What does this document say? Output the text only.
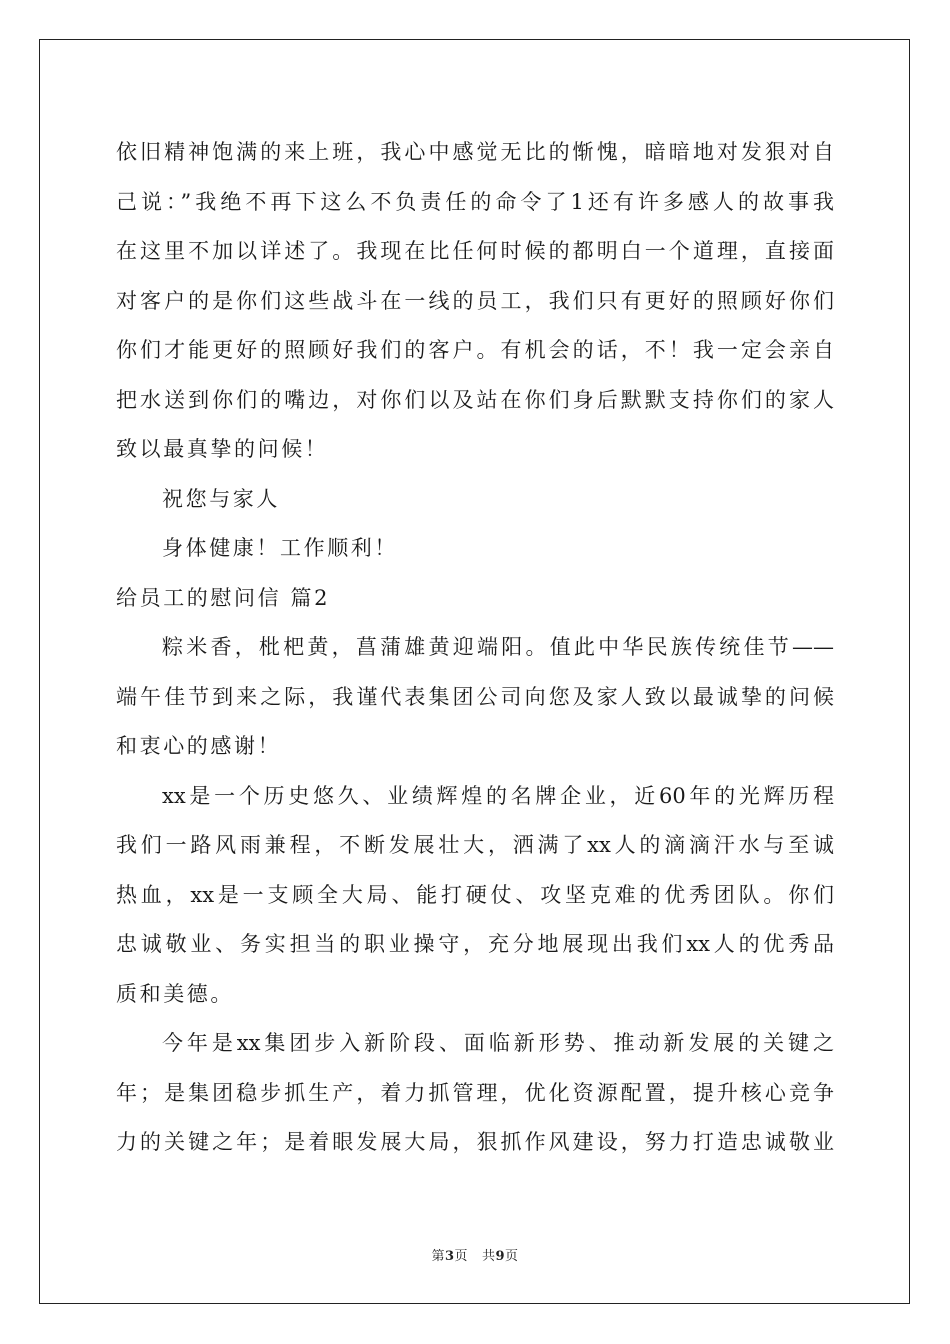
依旧精神饱满的来上班，我心中感觉无比的惭愧，暗暗地对发狠对自
己说：”我绝不再下这么不负责任的命令了1还有许多感人的故事我
在这里不加以详述了。我现在比任何时候的都明白一个道理，直接面
对客户的是你们这些战斗在一线的员工，我们只有更好的照顾好你们
你们才能更好的照顾好我们的客户。有机会的话，不！我一定会亲自
把水送到你们的嘴边，对你们以及站在你们身后默默支持你们的家人
致以最真挚的问候！
祝您与家人
身体健康！工作顺利！
给员工的慰问信 篇2
粽米香，枇杷黄，菖蒲雄黄迎端阳。值此中华民族传统佳节——
端午佳节到来之际，我谨代表集团公司向您及家人致以最诚挚的问候
和衷心的感谢！
xx是一个历史悠久、业绩辉煌的名牌企业，近60年的光辉历程
我们一路风雨兼程，不断发展壮大，洒满了xx人的滴滴汗水与至诚
热血，xx是一支顾全大局、能打硬仗、攻坚克难的优秀团队。你们
忠诚敬业、务实担当的职业操守，充分地展现出我们xx人的优秀品
质和美德。
今年是xx集团步入新阶段、面临新形势、推动新发展的关键之
年；是集团稳步抓生产，着力抓管理，优化资源配置，提升核心竞争
力的关键之年；是着眼发展大局，狠抓作风建设，努力打造忠诚敬业
第3页 共9页
